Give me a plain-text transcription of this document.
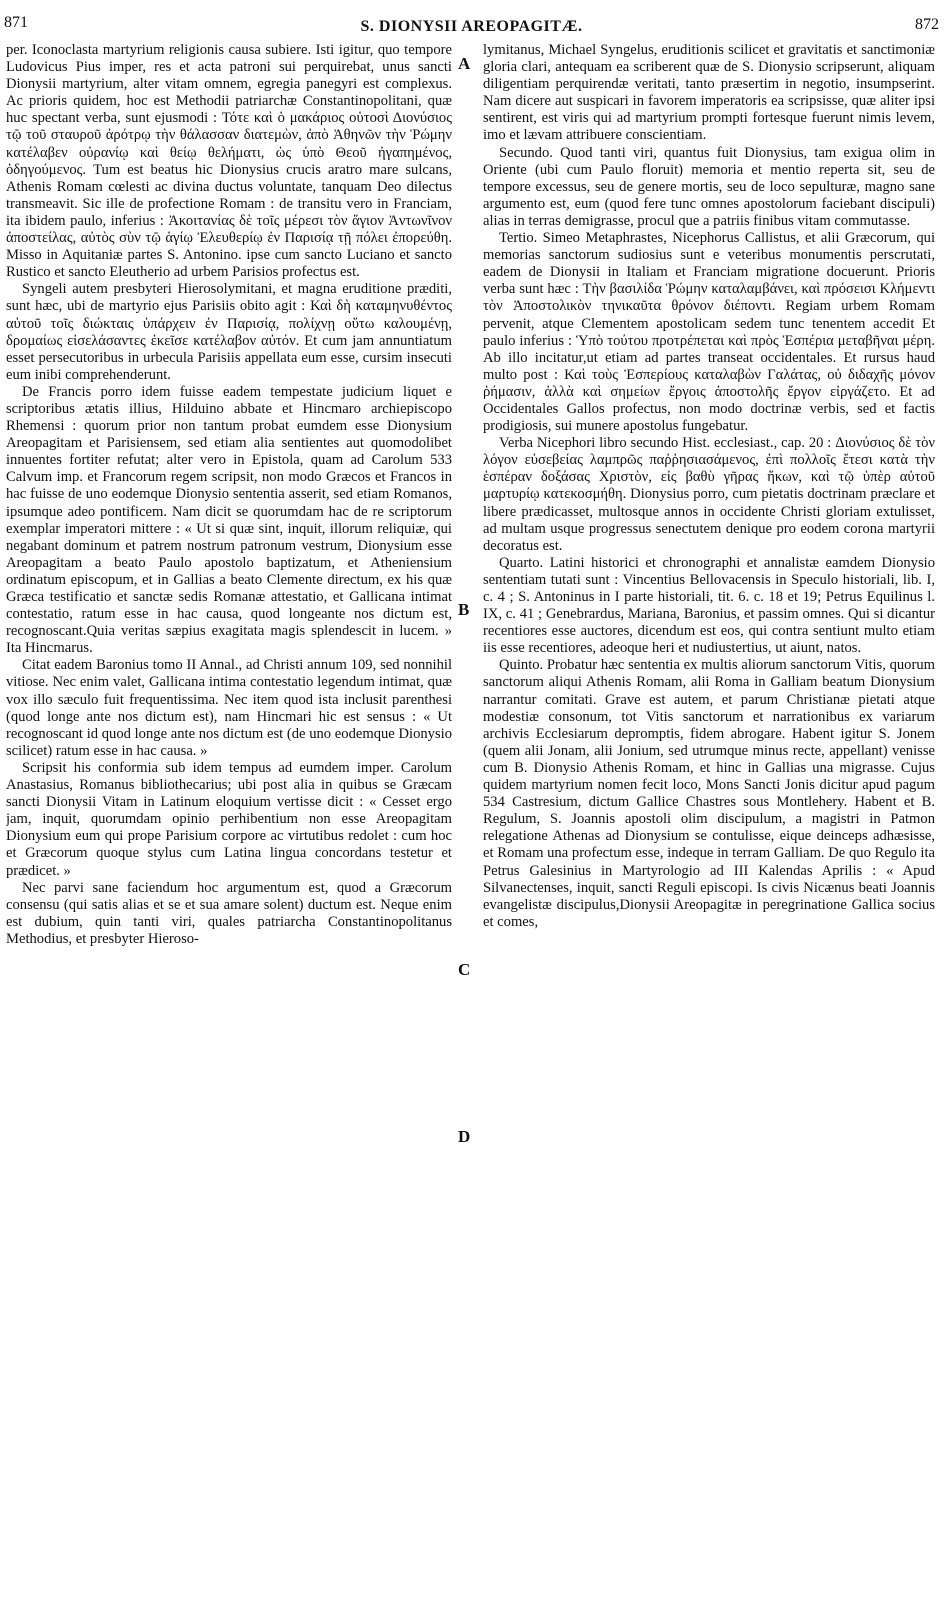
871	S. DIONYSII AREOPAGITÆ.	872

per. Iconoclasta martyrium religionis causa subiere. Isti igitur, quo tempore Ludovicus Pius imper, res et acta patroni sui perquirebat, unus sancti Dionysii martyrium, alter vitam omnem, egregia panegyri est complexus. Ac prioris quidem, hoc est Methodii patriarchæ Constantinopolitani, quæ huc spectant verba, sunt ejusmodi : Τότε καὶ ὁ μακάριος οὑτοσὶ Διονύσιος τῷ τοῦ σταυροῦ ἀρότρῳ τὴν θάλασσαν διατεμὼν, ἀπὸ Ἀθηνῶν τὴν Ῥώμην κατέλαβεν οὐρανίῳ καὶ θείῳ θελήματι, ὡς ὑπὸ Θεοῦ ἠγαπημένος, ὁδηγούμενος. Tum est beatus hic Dionysius crucis aratro mare sulcans, Athenis Romam cœlesti ac divina ductus voluntate, tanquam Deo dilectus transmeavit. Sic ille de profectione Romam : de transitu vero in Franciam, ita ibidem paulo, inferius : Ἀκοιτανίας δὲ τοῖς μέρεσι τὸν ἅγιον Ἀντωνῖνον ἀποστείλας, αὐτὸς σὺν τῷ ἁγίῳ Ἐλευθερίῳ ἐν Παρισίᾳ τῇ πόλει ἐπορεύθη. Misso in Aquitaniæ partes S. Antonino. ipse cum sancto Luciano et sancto Rustico et sancto Eleutherio ad urbem Parisios profectus est.

Syngeli autem presbyteri Hierosolymitani, et magna eruditione præditi, sunt hæc, ubi de martyrio ejus Parisiis obito agit : Καὶ δὴ καταμηνυθέντος αὐτοῦ τοῖς διώκταις ὑπάρχειν ἐν Παρισίᾳ, πολίχνῃ οὕτω καλουμένῃ, δρομαίως εἰσελάσαντες ἐκεῖσε κατέλαβον αὐτόν. Et cum jam annuntiatum esset persecutoribus in urbecula Parisiis appellata eum esse, cursim insecuti eum inibi comprehenderunt.

De Francis porro idem fuisse eadem tempestate judicium liquet e scriptoribus ætatis illius, Hilduino abbate et Hincmaro archiepiscopo Rhemensi : quorum prior non tantum probat eumdem esse Dionysium Areopagitam et Parisiensem, sed etiam alia sentientes aut quomodolibet innuentes fortiter refutat; alter vero in Epistola, quam ad Carolum 533 Calvum imp. et Francorum regem scripsit, non modo Græcos et Francos in hac fuisse de uno eodemque Dionysio sententia asserit, sed etiam Romanos, ipsumque adeo pontificem. Nam dicit se quorumdam hac de re scriptorum exemplar imperatori mittere : « Ut si quæ sint, inquit, illorum reliquiæ, qui negabant dominum et patrem nostrum patronum vestrum, Dionysium esse Areopagitam a beato Paulo apostolo baptizatum, et Atheniensium ordinatum episcopum, et in Gallias a beato Clemente directum, ex his quæ Græca testificatio et sanctæ sedis Romanæ attestatio, et Gallicana intimat contestatio, ratum esse in hac causa, quod longeante nos dictum est, recognoscant.Quia veritas sæpius exagitata magis splendescit in lucem. » Ita Hincmarus.

Citat eadem Baronius tomo II Annal., ad Christi annum 109, sed nonnihil vitiose. Nec enim valet, Gallicana intima contestatio legendum intimat, quæ vox illo sæculo fuit frequentissima. Nec item quod ista inclusit parenthesi (quod longe ante nos dictum est), nam Hincmari hic est sensus : « Ut recognoscant id quod longe ante nos dictum est (de uno eodemque Dionysio scilicet) ratum esse in hac causa. »

Scripsit his conformia sub idem tempus ad eumdem imper. Carolum Anastasius, Romanus bibliothecarius; ubi post alia in quibus se Græcam sancti Dionysii Vitam in Latinum eloquium vertisse dicit : « Cesset ergo jam, inquit, quorumdam opinio perhibentium non esse Areopagitam Dionysium eum qui prope Parisium corpore ac virtutibus redolet : cum hoc et Græcorum quoque stylus cum Latina lingua concordans testetur et prædicet. »

Nec parvi sane faciendum hoc argumentum est, quod a Græcorum consensu (qui satis alias et se et sua amare solent) ductum est. Neque enim est dubium, quin tanti viri, quales patriarcha Constantinopolitanus Methodius, et presbyter Hieroso-

A
B
C
D

lymitanus, Michael Syngelus, eruditionis scilicet et gravitatis et sanctimoniæ gloria clari, antequam ea scriberent quæ de S. Dionysio scripserunt, aliquam diligentiam perquirendæ veritati, tanto præsertim in negotio, insumpserint. Nam dicere aut suspicari in favorem imperatoris ea scripsisse, quæ aliter ipsi sentirent, est viris qui ad martyrium prompti fortesque fuerunt nimis levem, imo et lævam attribuere conscientiam.

Secundo. Quod tanti viri, quantus fuit Dionysius, tam exigua olim in Oriente (ubi cum Paulo floruit) memoria et mentio reperta sit, seu de tempore excessus, seu de genere mortis, seu de loco sepulturæ, magno sane argumento est, eum (quod fere tunc omnes apostolorum faciebant discipuli) alias in terras demigrasse, procul que a patriis finibus vitam commutasse.

Tertio. Simeo Metaphrastes, Nicephorus Callistus, et alii Græcorum, qui memorias sanctorum sudiosius sunt e veteribus monumentis perscrutati, eadem de Dionysii in Italiam et Franciam migratione docuerunt. Prioris verba sunt hæc : Τὴν βασιλίδα Ῥώμην καταλαμβάνει, καὶ πρόσεισι Κλήμεντι τὸν Ἀποστολικὸν τηνικαῦτα θρόνον διέποντι. Regiam urbem Romam pervenit, atque Clementem apostolicam sedem tunc tenentem accedit Et paulo inferius : Ὑπὸ τούτου προτρέπεται καὶ πρὸς Ἑσπέρια μεταβῆναι μέρη. Ab illo incitatur,ut etiam ad partes transeat occidentales. Et rursus haud multo post : Καὶ τοὺς Ἑσπερίους καταλαβὼν Γαλάτας, οὐ διδαχῆς μόνον ῥήμασιν, ἀλλὰ καὶ σημείων ἔργοις ἀποστολῆς ἔργον εἰργάζετο. Et ad Occidentales Gallos profectus, non modo doctrinæ verbis, sed et factis prodigiosis, sui munere apostolus fungebatur.

Verba Nicephori libro secundo Hist. ecclesiast., cap. 20 : Διονύσιος δὲ τὸν λόγον εὐσεβείας λαμπρῶς παῤῥησιασάμενος, ἐπὶ πολλοῖς ἔτεσι κατὰ τὴν ἑσπέραν δοξάσας Χριστὸν, εἰς βαθὺ γῆρας ἥκων, καὶ τῷ ὑπὲρ αὐτοῦ μαρτυρίῳ κατεκοσμήθη. Dionysius porro, cum pietatis doctrinam præclare et libere prædicasset, multosque annos in occidente Christi gloriam extulisset, ad multam usque progressus senectutem denique pro eodem corona martyrii decoratus est.

Quarto. Latini historici et chronographi et annalistæ eamdem Dionysio sententiam tutati sunt : Vincentius Bellovacensis in Speculo historiali, lib. I, c. 4 ; S. Antoninus in I parte historiali, tit. 6. c. 18 et 19; Petrus Equilinus l. IX, c. 41 ; Genebrardus, Mariana, Baronius, et passim omnes. Qui si dicantur recentiores esse auctores, dicendum est eos, qui contra sentiunt multo etiam iis esse recentiores, adeoque heri et nudiustertius, ut aiunt, natos.

Quinto. Probatur hæc sententia ex multis aliorum sanctorum Vitis, quorum sanctorum aliqui Athenis Romam, alii Roma in Galliam beatum Dionysium narrantur comitati. Grave est autem, et parum Christianæ pietati atque modestiæ consonum, tot Vitis sanctorum et narrationibus ex variarum archivis Ecclesiarum depromptis, fidem abrogare. Habent igitur S. Jonem (quem alii Jonam, alii Jonium, sed utrumque minus recte, appellant) venisse cum B. Dionysio Athenis Romam, et hinc in Gallias una migrasse. Cujus quidem martyrium nomen fecit loco, Mons Sancti Jonis dicitur apud pagum 534 Castresium, dictum Gallice Chastres sous Montlehery. Habent et B. Regulum, S. Joannis apostoli olim discipulum, a magistri in Patmon relegatione Athenas ad Dionysium se contulisse, eique deinceps adhæsisse, et Romam una profectum esse, indeque in terram Galliam. De quo Regulo ita Petrus Galesinius in Martyrologio ad III Kalendas Aprilis : « Apud Silvanectenses, inquit, sancti Reguli episcopi. Is civis Nicænus beati Joannis evangelistæ discipulus,Dionysii Areopagitæ in peregrinatione Gallica socius et comes,
